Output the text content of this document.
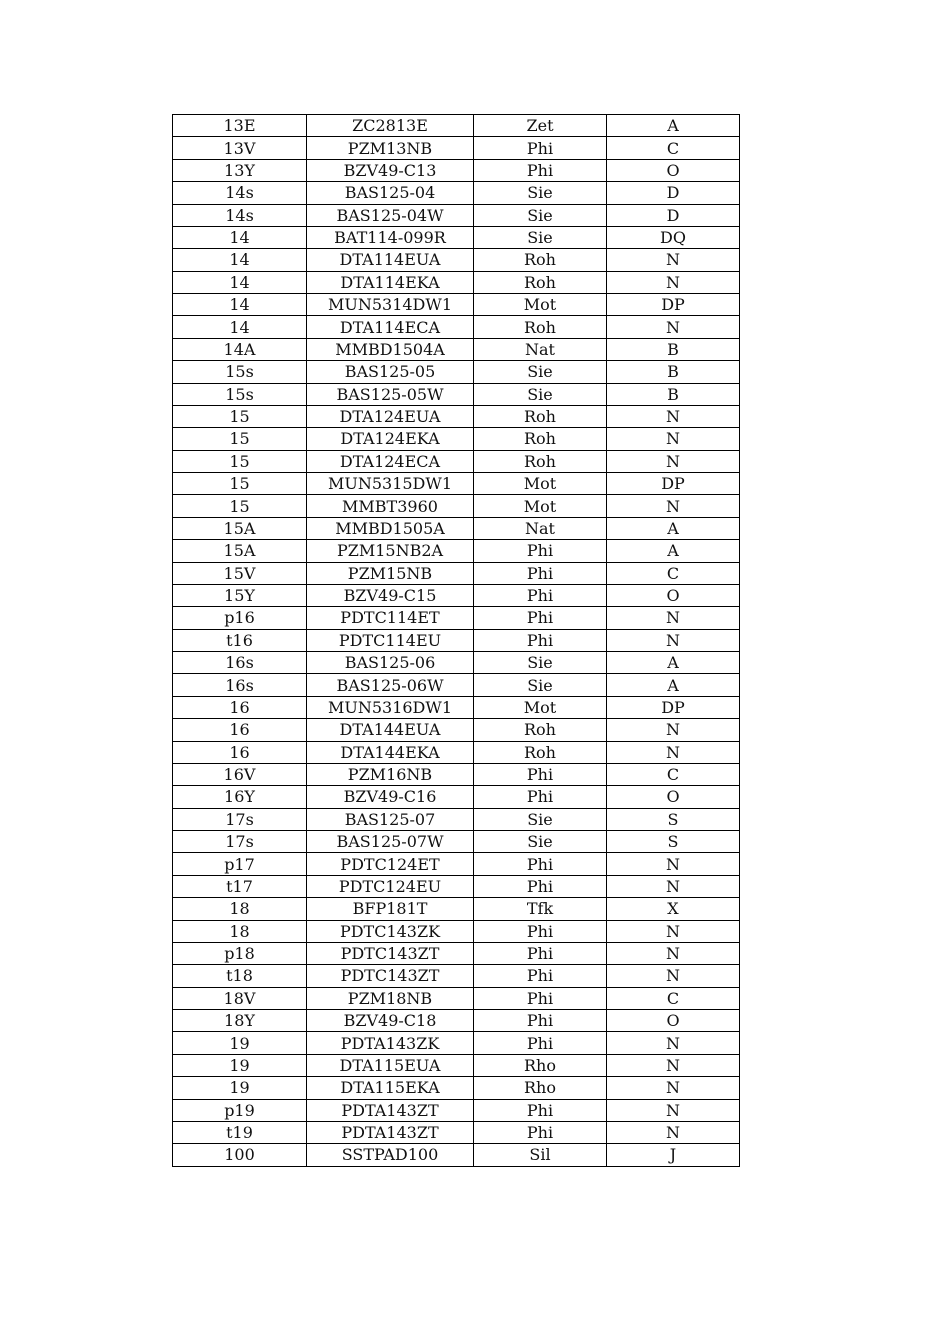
13E	ZC2813E	Zet	A
13V	PZM13NB	Phi	C
13Y	BZV49-C13	Phi	O
14s	BAS125-04	Sie	D
14s	BAS125-04W	Sie	D
14	BAT114-099R	Sie	DQ
14	DTA114EUA	Roh	N
14	DTA114EKA	Roh	N
14	MUN5314DW1	Mot	DP
14	DTA114ECA	Roh	N
14A	MMBD1504A	Nat	B
15s	BAS125-05	Sie	B
15s	BAS125-05W	Sie	B
15	DTA124EUA	Roh	N
15	DTA124EKA	Roh	N
15	DTA124ECA	Roh	N
15	MUN5315DW1	Mot	DP
15	MMBT3960	Mot	N
15A	MMBD1505A	Nat	A
15A	PZM15NB2A	Phi	A
15V	PZM15NB	Phi	C
15Y	BZV49-C15	Phi	O
p16	PDTC114ET	Phi	N
t16	PDTC114EU	Phi	N
16s	BAS125-06	Sie	A
16s	BAS125-06W	Sie	A
16	MUN5316DW1	Mot	DP
16	DTA144EUA	Roh	N
16	DTA144EKA	Roh	N
16V	PZM16NB	Phi	C
16Y	BZV49-C16	Phi	O
17s	BAS125-07	Sie	S
17s	BAS125-07W	Sie	S
p17	PDTC124ET	Phi	N
t17	PDTC124EU	Phi	N
18	BFP181T	Tfk	X
18	PDTC143ZK	Phi	N
p18	PDTC143ZT	Phi	N
t18	PDTC143ZT	Phi	N
18V	PZM18NB	Phi	C
18Y	BZV49-C18	Phi	O
19	PDTA143ZK	Phi	N
19	DTA115EUA	Rho	N
19	DTA115EKA	Rho	N
p19	PDTA143ZT	Phi	N
t19	PDTA143ZT	Phi	N
100	SSTPAD100	Sil	J
